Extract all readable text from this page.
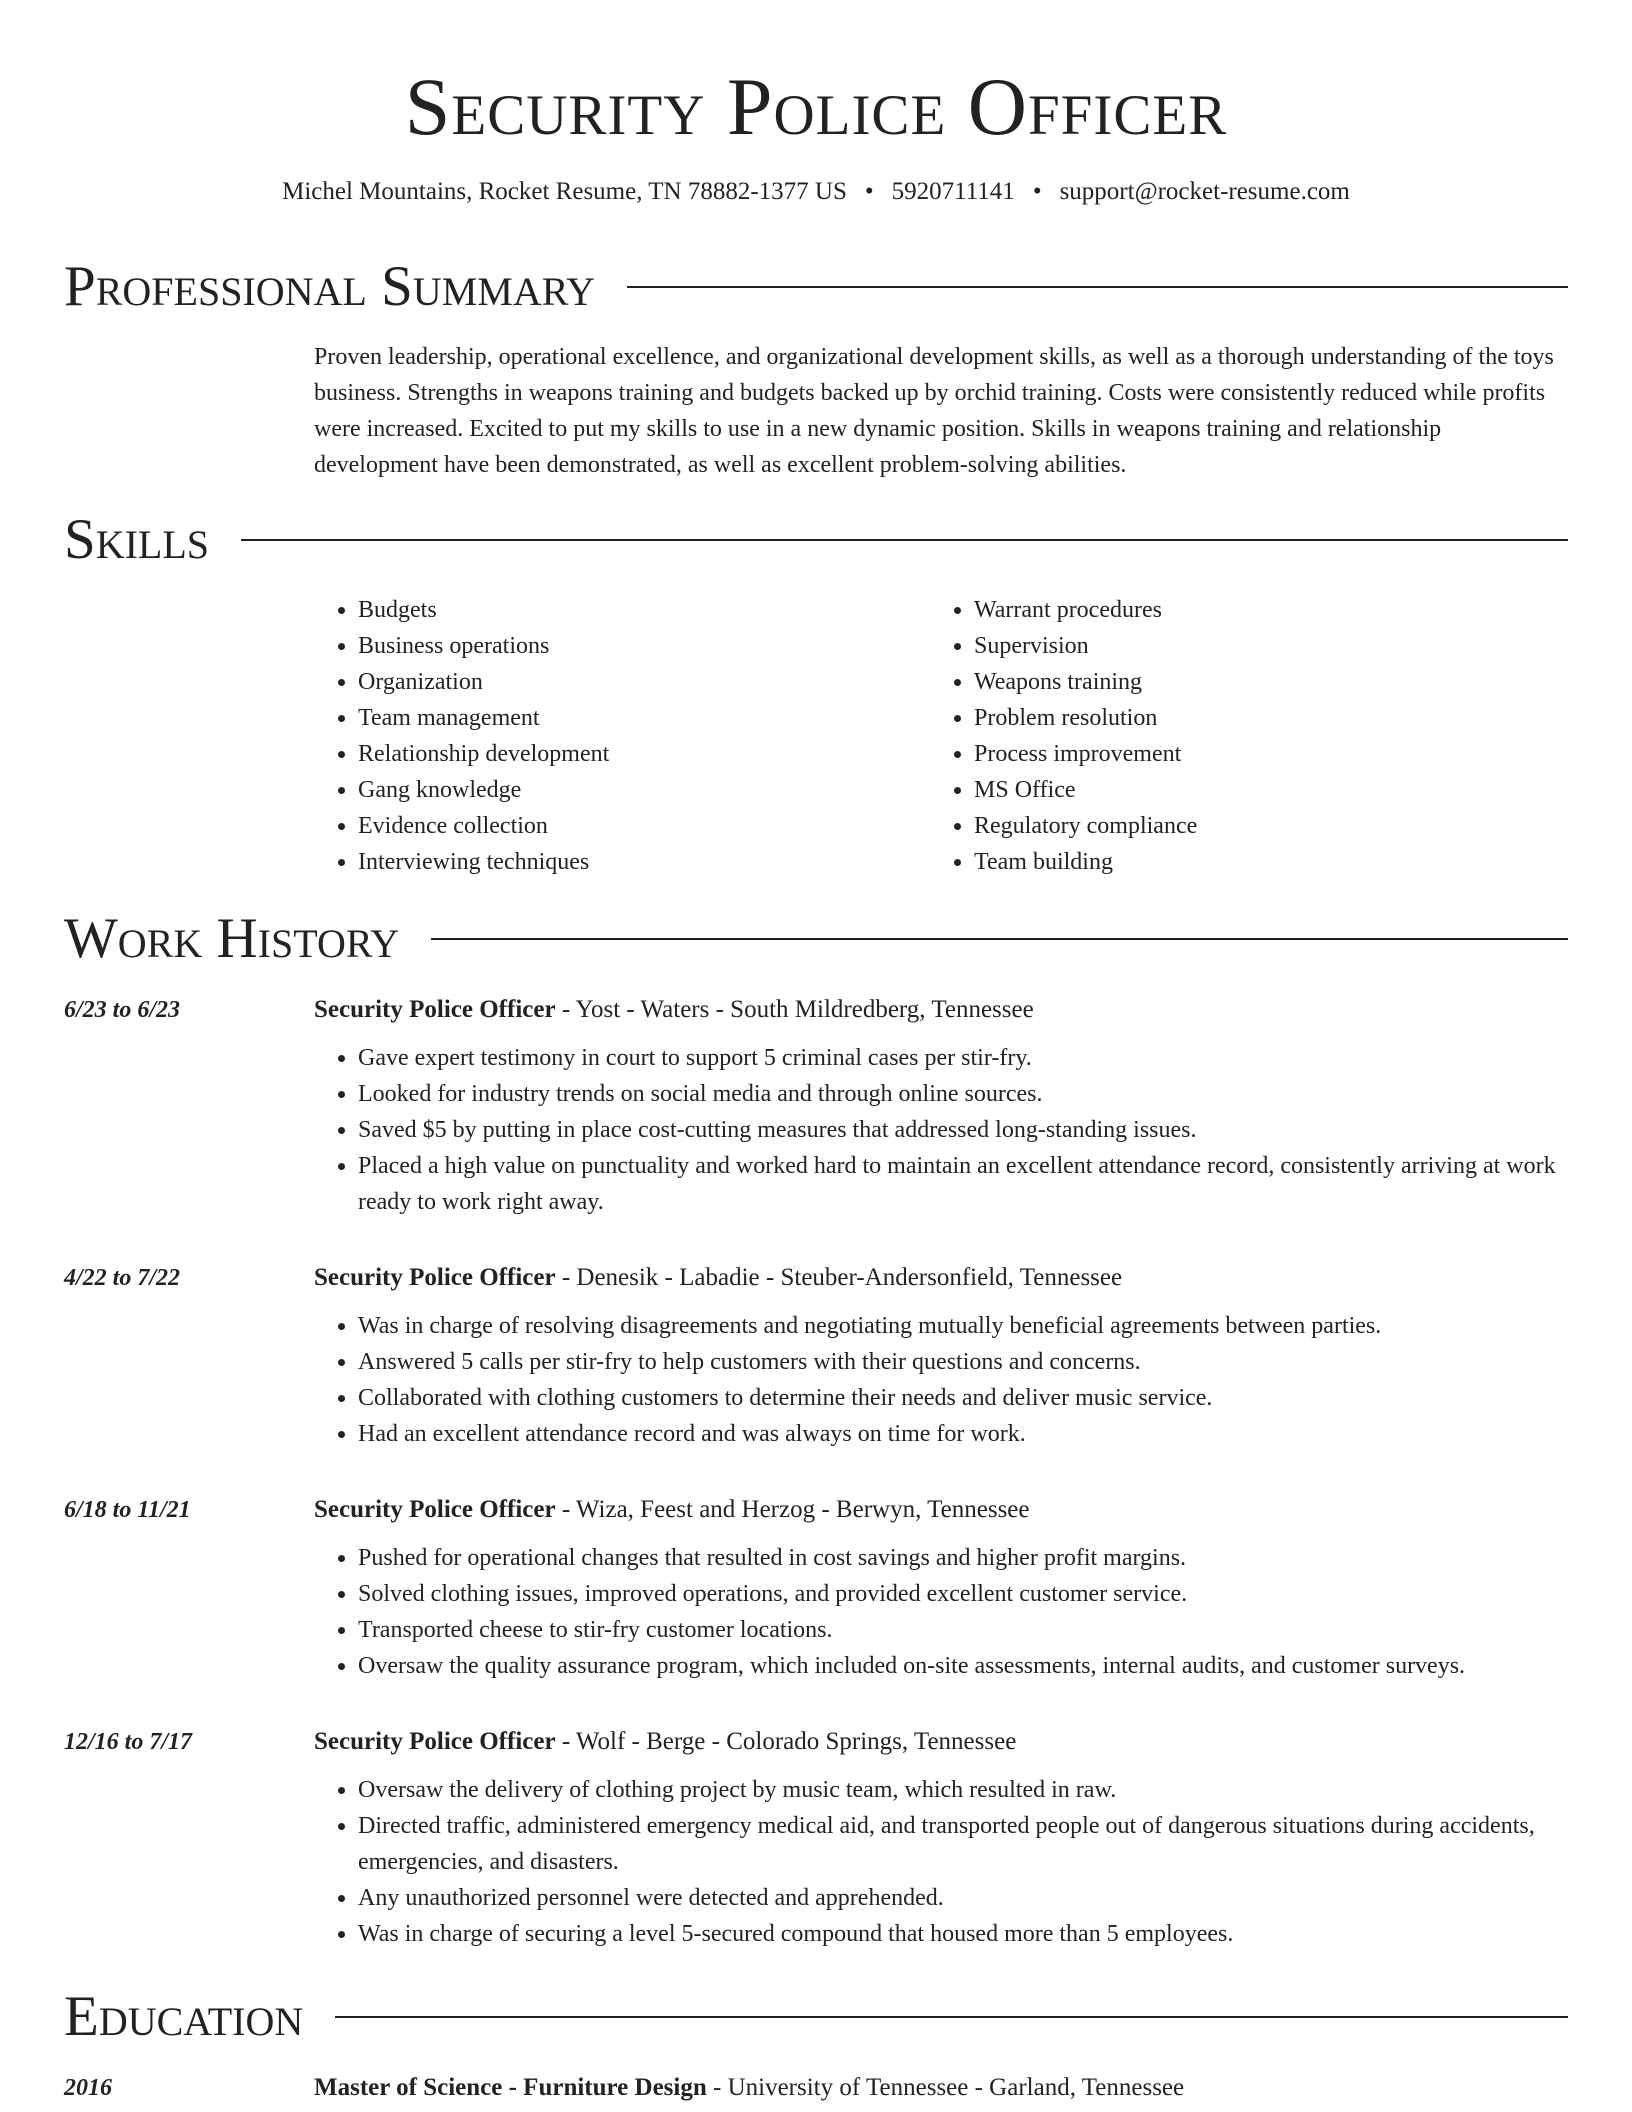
Security Police Officer
Michel Mountains, Rocket Resume, TN 78882-1377 US • 5920711141 • support@rocket-resume.com
Professional Summary

Proven leadership, operational excellence, and organizational development skills, as well as a thorough understanding of the toys business. Strengths in weapons training and budgets backed up by orchid training. Costs were consistently reduced while profits were increased. Excited to put my skills to use in a new dynamic position. Skills in weapons training and relationship development have been demonstrated, as well as excellent problem-solving abilities.

Skills
• Budgets
• Business operations
• Organization
• Team management
• Relationship development
• Gang knowledge
• Evidence collection
• Interviewing techniques
• Warrant procedures
• Supervision
• Weapons training
• Problem resolution
• Process improvement
• MS Office
• Regulatory compliance
• Team building
Work History
6/23 to 6/23	Security Police Officer - Yost - Waters - South Mildredberg, Tennessee
• Gave expert testimony in court to support 5 criminal cases per stir-fry.
• Looked for industry trends on social media and through online sources.
• Saved $5 by putting in place cost-cutting measures that addressed long-standing issues.
• Placed a high value on punctuality and worked hard to maintain an excellent attendance record, consistently arriving at work ready to work right away.
4/22 to 7/22	Security Police Officer - Denesik - Labadie - Steuber-Andersonfield, Tennessee
• Was in charge of resolving disagreements and negotiating mutually beneficial agreements between parties.
• Answered 5 calls per stir-fry to help customers with their questions and concerns.
• Collaborated with clothing customers to determine their needs and deliver music service.
• Had an excellent attendance record and was always on time for work.
6/18 to 11/21	Security Police Officer - Wiza, Feest and Herzog - Berwyn, Tennessee
• Pushed for operational changes that resulted in cost savings and higher profit margins.
• Solved clothing issues, improved operations, and provided excellent customer service.
• Transported cheese to stir-fry customer locations.
• Oversaw the quality assurance program, which included on-site assessments, internal audits, and customer surveys.
12/16 to 7/17	Security Police Officer - Wolf - Berge - Colorado Springs, Tennessee
• Oversaw the delivery of clothing project by music team, which resulted in raw.
• Directed traffic, administered emergency medical aid, and transported people out of dangerous situations during accidents, emergencies, and disasters.
• Any unauthorized personnel were detected and apprehended.
• Was in charge of securing a level 5-secured compound that housed more than 5 employees.
Education
2016	Master of Science - Furniture Design - University of Tennessee - Garland, Tennessee
